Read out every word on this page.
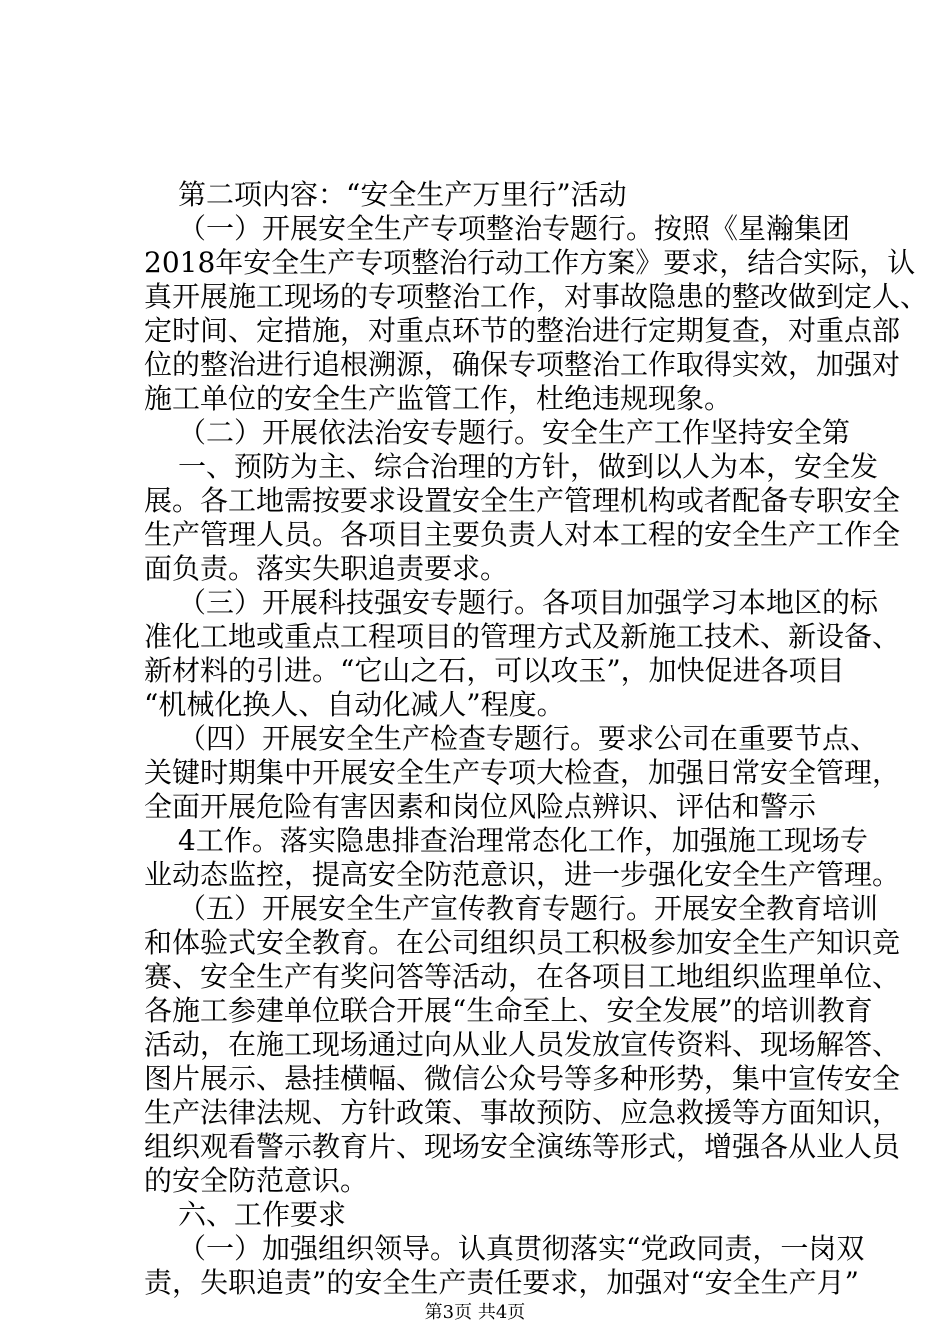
第二项内容：“安全生产万里行”活动
（一）开展安全生产专项整治专题行。按照《星瀚集团
2018年安全生产专项整治行动工作方案》要求，结合实际，认
真开展施工现场的专项整治工作，对事故隐患的整改做到定人、
定时间、定措施，对重点环节的整治进行定期复查，对重点部
位的整治进行追根溯源，确保专项整治工作取得实效，加强对
施工单位的安全生产监管工作，杜绝违规现象。
（二）开展依法治安专题行。安全生产工作坚持安全第
一、预防为主、综合治理的方针，做到以人为本，安全发
展。各工地需按要求设置安全生产管理机构或者配备专职安全
生产管理人员。各项目主要负责人对本工程的安全生产工作全
面负责。落实失职追责要求。
（三）开展科技强安专题行。各项目加强学习本地区的标
准化工地或重点工程项目的管理方式及新施工技术、新设备、
新材料的引进。“它山之石，可以攻玉”，加快促进各项目
“机械化换人、自动化减人”程度。
（四）开展安全生产检查专题行。要求公司在重要节点、
关键时期集中开展安全生产专项大检查，加强日常安全管理，
全面开展危险有害因素和岗位风险点辨识、评估和警示
4工作。落实隐患排查治理常态化工作，加强施工现场专
业动态监控，提高安全防范意识，进一步强化安全生产管理。
（五）开展安全生产宣传教育专题行。开展安全教育培训
和体验式安全教育。在公司组织员工积极参加安全生产知识竞
赛、安全生产有奖问答等活动，在各项目工地组织监理单位、
各施工参建单位联合开展“生命至上、安全发展”的培训教育
活动，在施工现场通过向从业人员发放宣传资料、现场解答、
图片展示、悬挂横幅、微信公众号等多种形势，集中宣传安全
生产法律法规、方针政策、事故预防、应急救援等方面知识，
组织观看警示教育片、现场安全演练等形式，增强各从业人员
的安全防范意识。
六、工作要求
（一）加强组织领导。认真贯彻落实“党政同责，一岗双
责，失职追责”的安全生产责任要求，加强对“安全生产月”
第3页 共4页
